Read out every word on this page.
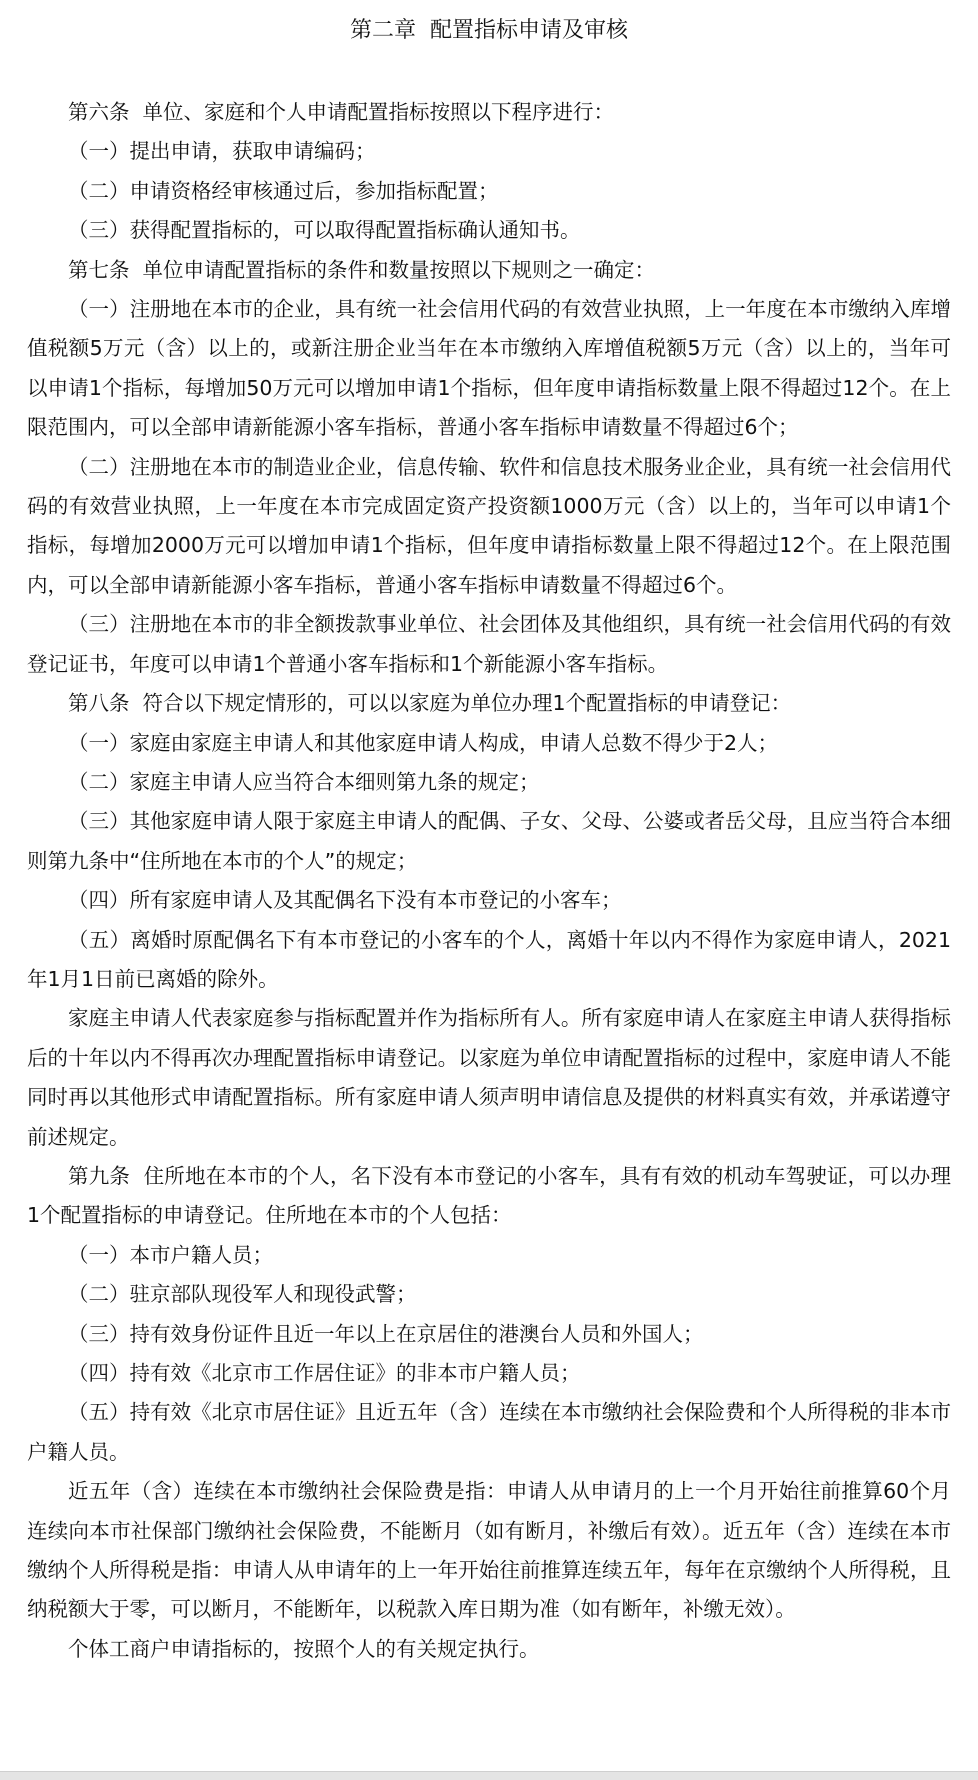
第二章  配置指标申请及审核

第六条  单位、家庭和个人申请配置指标按照以下程序进行：

（一）提出申请，获取申请编码；

（二）申请资格经审核通过后，参加指标配置；

（三）获得配置指标的，可以取得配置指标确认通知书。

第七条  单位申请配置指标的条件和数量按照以下规则之一确定：

（一）注册地在本市的企业，具有统一社会信用代码的有效营业执照，上一年度在本市缴纳入库增值税额5万元（含）以上的，或新注册企业当年在本市缴纳入库增值税额5万元（含）以上的，当年可以申请1个指标，每增加50万元可以增加申请1个指标，但年度申请指标数量上限不得超过12个。在上限范围内，可以全部申请新能源小客车指标，普通小客车指标申请数量不得超过6个；

（二）注册地在本市的制造业企业，信息传输、软件和信息技术服务业企业，具有统一社会信用代码的有效营业执照，上一年度在本市完成固定资产投资额1000万元（含）以上的，当年可以申请1个指标，每增加2000万元可以增加申请1个指标，但年度申请指标数量上限不得超过12个。在上限范围内，可以全部申请新能源小客车指标，普通小客车指标申请数量不得超过6个。

（三）注册地在本市的非全额拨款事业单位、社会团体及其他组织，具有统一社会信用代码的有效登记证书，年度可以申请1个普通小客车指标和1个新能源小客车指标。

第八条  符合以下规定情形的，可以以家庭为单位办理1个配置指标的申请登记：

（一）家庭由家庭主申请人和其他家庭申请人构成，申请人总数不得少于2人；

（二）家庭主申请人应当符合本细则第九条的规定；

（三）其他家庭申请人限于家庭主申请人的配偶、子女、父母、公婆或者岳父母，且应当符合本细则第九条中“住所地在本市的个人”的规定；

（四）所有家庭申请人及其配偶名下没有本市登记的小客车；

（五）离婚时原配偶名下有本市登记的小客车的个人，离婚十年以内不得作为家庭申请人，2021年1月1日前已离婚的除外。

家庭主申请人代表家庭参与指标配置并作为指标所有人。所有家庭申请人在家庭主申请人获得指标后的十年以内不得再次办理配置指标申请登记。以家庭为单位申请配置指标的过程中，家庭申请人不能同时再以其他形式申请配置指标。所有家庭申请人须声明申请信息及提供的材料真实有效，并承诺遵守前述规定。

第九条  住所地在本市的个人，名下没有本市登记的小客车，具有有效的机动车驾驶证，可以办理1个配置指标的申请登记。住所地在本市的个人包括：

（一）本市户籍人员；

（二）驻京部队现役军人和现役武警；

（三）持有效身份证件且近一年以上在京居住的港澳台人员和外国人；

（四）持有效《北京市工作居住证》的非本市户籍人员；

（五）持有效《北京市居住证》且近五年（含）连续在本市缴纳社会保险费和个人所得税的非本市户籍人员。

近五年（含）连续在本市缴纳社会保险费是指：申请人从申请月的上一个月开始往前推算60个月连续向本市社保部门缴纳社会保险费，不能断月（如有断月，补缴后有效）。近五年（含）连续在本市缴纳个人所得税是指：申请人从申请年的上一年开始往前推算连续五年，每年在京缴纳个人所得税，且纳税额大于零，可以断月，不能断年，以税款入库日期为准（如有断年，补缴无效）。

个体工商户申请指标的，按照个人的有关规定执行。
